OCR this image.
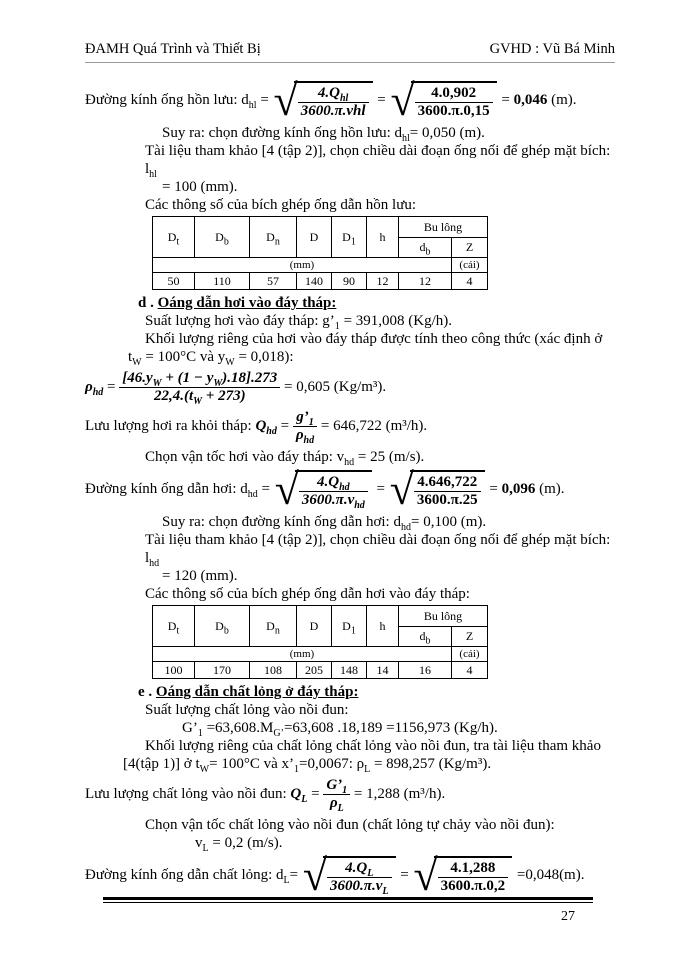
ĐAMH Quá Trình và Thiết Bị	GVHD : Vũ Bá Minh
Đường kính ống hồn lưu: $d_{hl}$ = √	$4.Q_{hl}$
3600.π.vhl
= √ $\frac{4.0,902}{3600.\pi.0,15} = 0,046$ (m).
Suy ra: chọn đường kính ống hồn lưu: $d_{hl}= 0,050$ (m).
Tài liệu tham khảo [4 (tập 2)], chọn chiều dài đoạn ống nối để ghép mặt bích: $l_{hl}$
= 100 (mm).
Các thông số của bích ghép ống dẫn hồn lưu:
$D_t$	$D_b$	$D_n$	D	$D_1$	h	Bu lông	
						$d_b$	Z
(mm)							(cái)
50	110	57	140	90	12	12	4
d . Oáng dẫn hơi vào đáy tháp:
Suất lượng hơi vào đáy tháp: $g’_1 = 391,008$ (Kg/h).
Khối lượng riêng của hơi vào đáy tháp được tính theo công thức (xác định ở
$t_W = 100^\circ C$ và $y_W = 0,018$):
$\rho_{hd} = \frac{[46.y_W + (1 - y_W).18].273}{22,4.(t_W + 273)} = 0,605$ (Kg/m³).
Lưu lượng hơi ra khỏi tháp: $Q_{hd}$ =
$g’_1$
$\rho_{hd}$
= 646,722 (m³/h).
Chọn vận tốc hơi vào đáy tháp: $v_{hd} = 25$ (m/s).
Đường kính ống dẫn hơi: $d_{hd}$ = √	$4.Q_{hd}$
$3600.\pi.v_{hd}$
= √ $\frac{4.646,722}{3600.\pi.25} = 0,096$ (m).
Suy ra: chọn đường kính ống dẫn hơi: $d_{hd}= 0,100$ (m).
Tài liệu tham khảo [4 (tập 2)], chọn chiều dài đoạn ống nối để ghép mặt bích: $l_{hd}$
= 120 (mm).
Các thông số của bích ghép ống dẫn hơi vào đáy tháp:
$D_t$	$D_b$	$D_n$	D	$D_1$	h	Bu lông	
						$d_b$	Z
(mm)							(cái)
100	170	108	205	148	14	16	4
e . Oáng dẫn chất lỏng ở đáy tháp:
Suất lượng chất lỏng vào nồi đun:
$G’_1 =63,608.M_{G’}=63,608$ .18,189 =1156,973 (Kg/h).
Khối lượng riêng của chất lỏng chất lỏng vào nồi đun, tra tài liệu tham khảo
[4(tập 1)] ở $t_W= 100^\circ C$ và $x’_1=0,0067$: $\rho_L = 898,257$ (Kg/m³).
Lưu lượng chất lỏng vào nồi đun: $Q_L = \frac{G’_1}{\rho_L} = 1,288$ (m³/h).
Chọn vận tốc chất lỏng vào nồi đun (chất lỏng tự chảy vào nồi đun):
$v_L = 0,2$ (m/s).
Đường kính ống dẫn chất lỏng: $d_L=$ √ $\frac{4.Q_L}{3600.\pi.v_L}$ = √ $\frac{4.1,288}{3600.\pi.0,2} =0,048(m)$.
27
